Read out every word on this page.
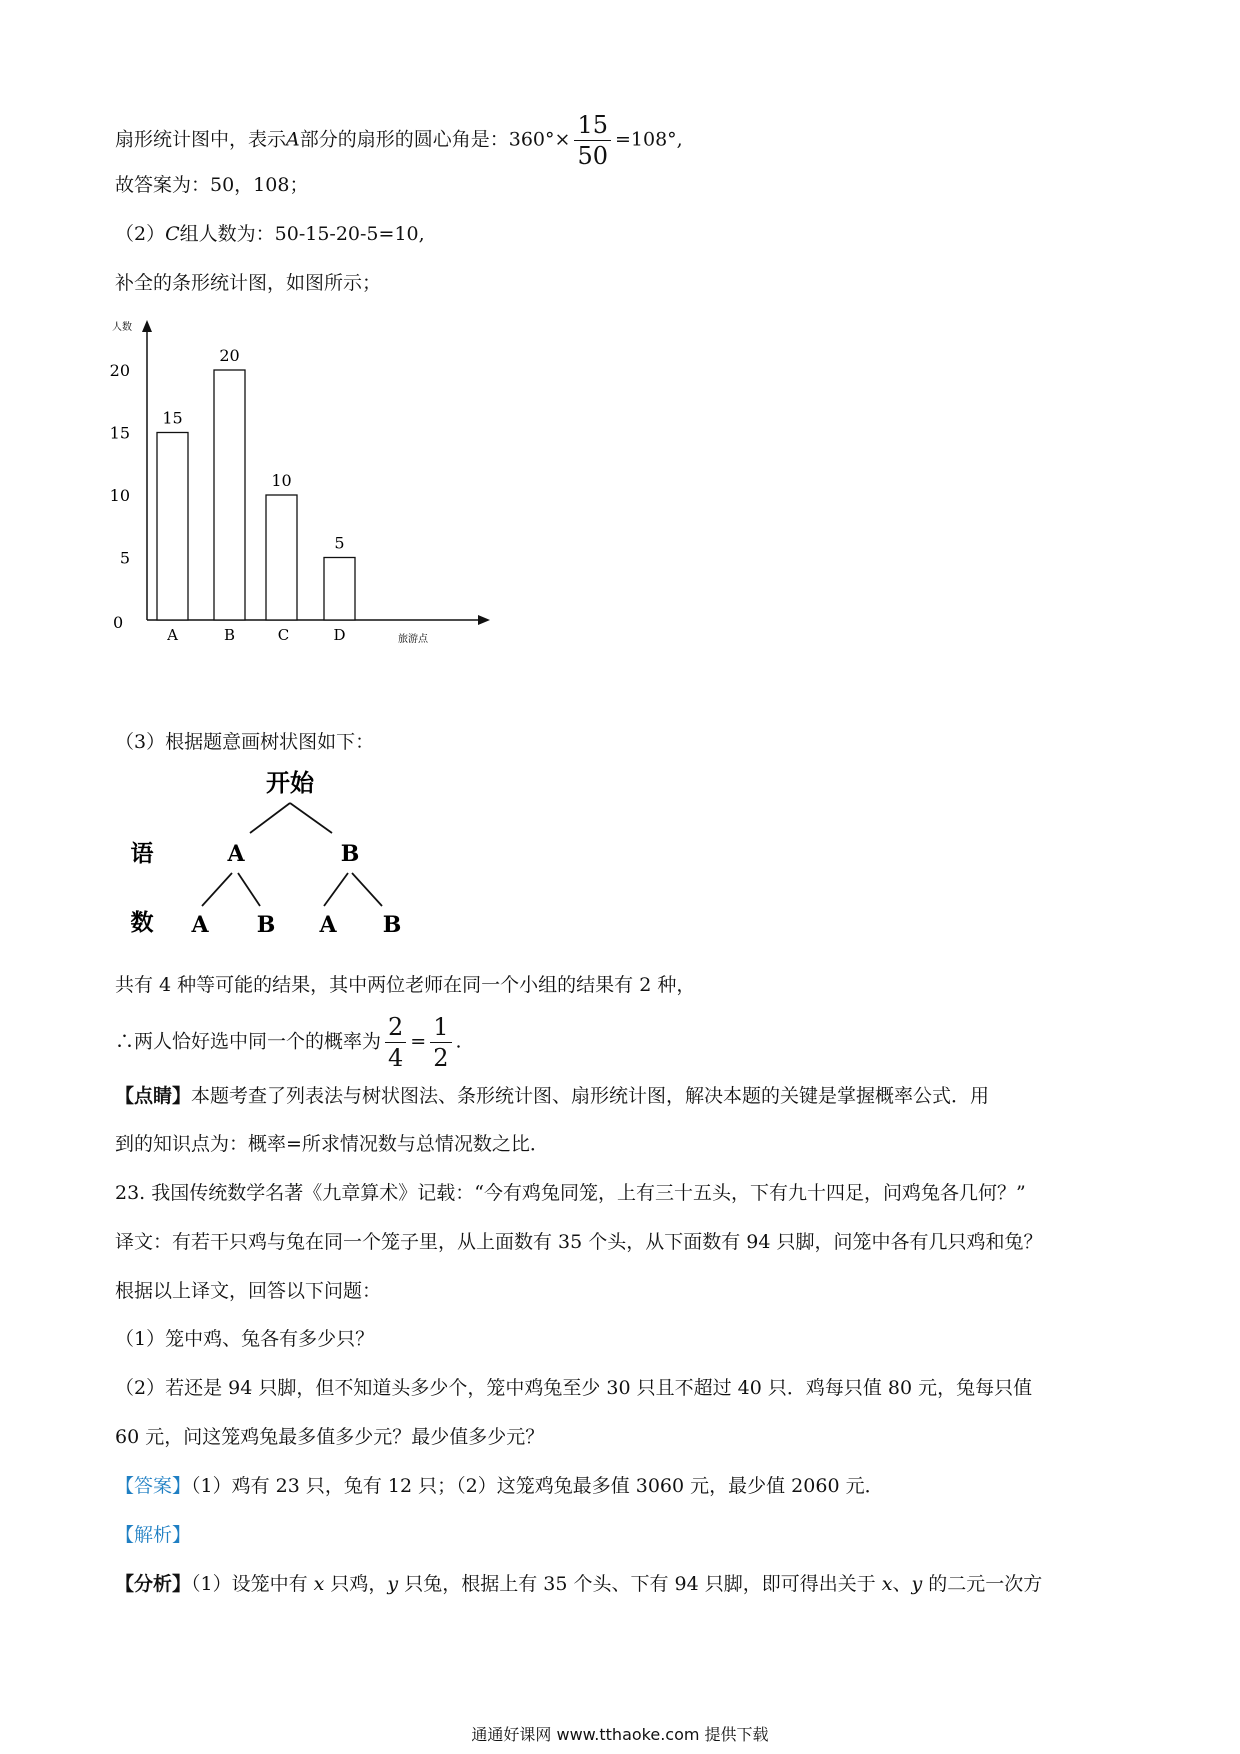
扇形统计图中，表示A部分的扇形的圆心角是：$360^\circ\times \frac{15}{50} =108^\circ$,
故答案为：50，108；
（2）C组人数为：50-15-20-5=10,
补全的条形统计图，如图所示；
人数
旅游点
0
5
10
15
20
15
A
20
B
10
C
5
D
（3）根据题意画树状图如下：
开始
语	A	B
数 A B A B
共有 4 种等可能的结果，其中两位老师在同一个小组的结果有 2 种，
∴两人恰好选中同一个的概率为 $\frac{2}{4} = \frac{1}{2}$ .
【点睛】本题考查了列表法与树状图法、条形统计图、扇形统计图，解决本题的关键是掌握概率公式．用
到的知识点为：概率=所求情况数与总情况数之比．
23. 我国传统数学名著《九章算术》记载：“今有鸡兔同笼，上有三十五头，下有九十四足，问鸡兔各几何？”
译文：有若干只鸡与兔在同一个笼子里，从上面数有 35 个头，从下面数有 94 只脚，问笼中各有几只鸡和兔？
根据以上译文，回答以下问题：
（1）笼中鸡、兔各有多少只？
（2）若还是 94 只脚，但不知道头多少个，笼中鸡兔至少 30 只且不超过 40 只．鸡每只值 80 元，兔每只值
60 元，问这笼鸡兔最多值多少元？最少值多少元？
【答案】（1）鸡有 23 只，兔有 12 只；（2）这笼鸡兔最多值 3060 元，最少值 2060 元．
【解析】
【分析】（1）设笼中有 x 只鸡，y 只兔，根据上有 35 个头、下有 94 只脚，即可得出关于 x、y 的二元一次方
通通好课网 www.tthaoke.com 提供下载
